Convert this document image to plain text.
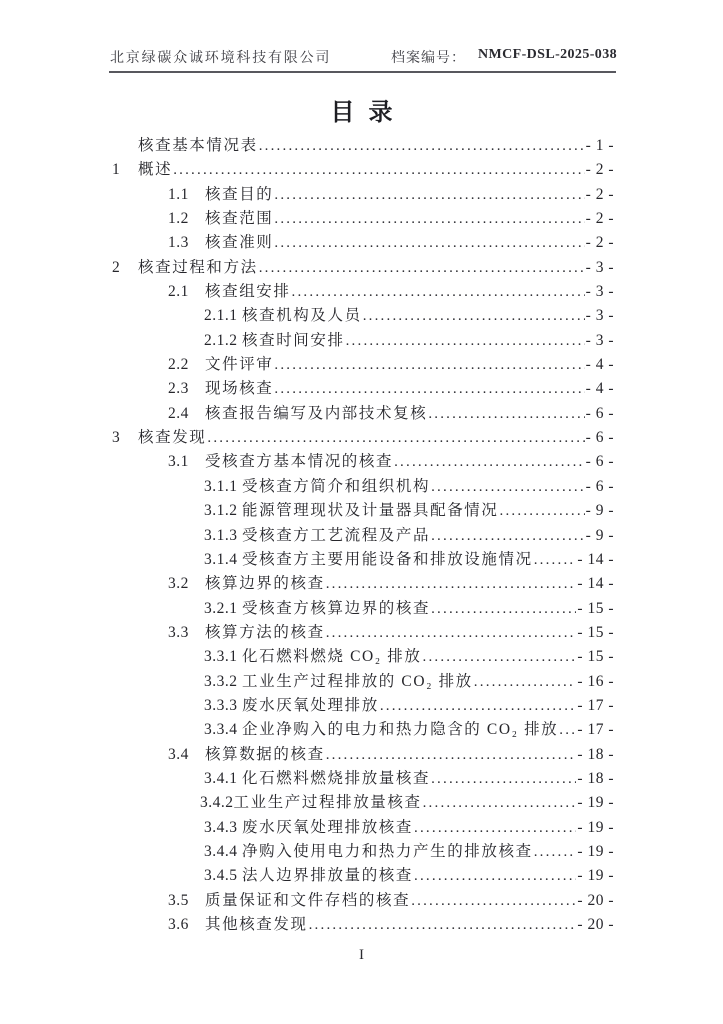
北京绿碳众诚环境科技有限公司	档案编号： NMCF-DSL-2025-038
目录
核查基本情况表 .....	- 1 -
1	概述 .....	- 2 -
1.1	核查目的 .....	- 2 -
1.2	核查范围 .....	- 2 -
1.3	核查准则 .....	- 2 -
2	核查过程和方法 .....	- 3 -
2.1	核查组安排 .....	- 3 -
2.1.1 核查机构及人员 .....	- 3 -
2.1.2 核查时间安排 .....	- 3 -
2.2	文件评审 .....	- 4 -
2.3	现场核查 .....	- 4 -
2.4	核查报告编写及内部技术复核 .....	- 6 -
3	核查发现 .....	- 6 -
3.1	受核查方基本情况的核查 .....	- 6 -
3.1.1 受核查方简介和组织机构 .....	- 6 -
3.1.2 能源管理现状及计量器具配备情况 .....	- 9 -
3.1.3 受核查方工艺流程及产品 .....	- 9 -
3.1.4 受核查方主要用能设备和排放设施情况 .....	- 14 -
3.2	核算边界的核查 .....	- 14 -
3.2.1 受核查方核算边界的核查 .....	- 15 -
3.3	核算方法的核查 .....	- 15 -
3.3.1 化石燃料燃烧 CO₂ 排放 .....	- 15 -
3.3.2 工业生产过程排放的 CO₂ 排放 .....	- 16 -
3.3.3 废水厌氧处理排放 .....	- 17 -
3.3.4 企业净购入的电力和热力隐含的 CO₂ 排放 ..... - 17 -
3.4	核算数据的核查 .....	- 18 -
3.4.1 化石燃料燃烧排放量核查 .....	- 18 -
3.4.2 工业生产过程排放量核查 .....	- 19 -
3.4.3 废水厌氧处理排放核查 .....	- 19 -
3.4.4 净购入使用电力和热力产生的排放核查 .....	- 19 -
3.4.5 法人边界排放量的核查 .....	- 19 -
3.5	质量保证和文件存档的核查 .....	- 20 -
3.6	其他核查发现 .....	- 20 -
I
